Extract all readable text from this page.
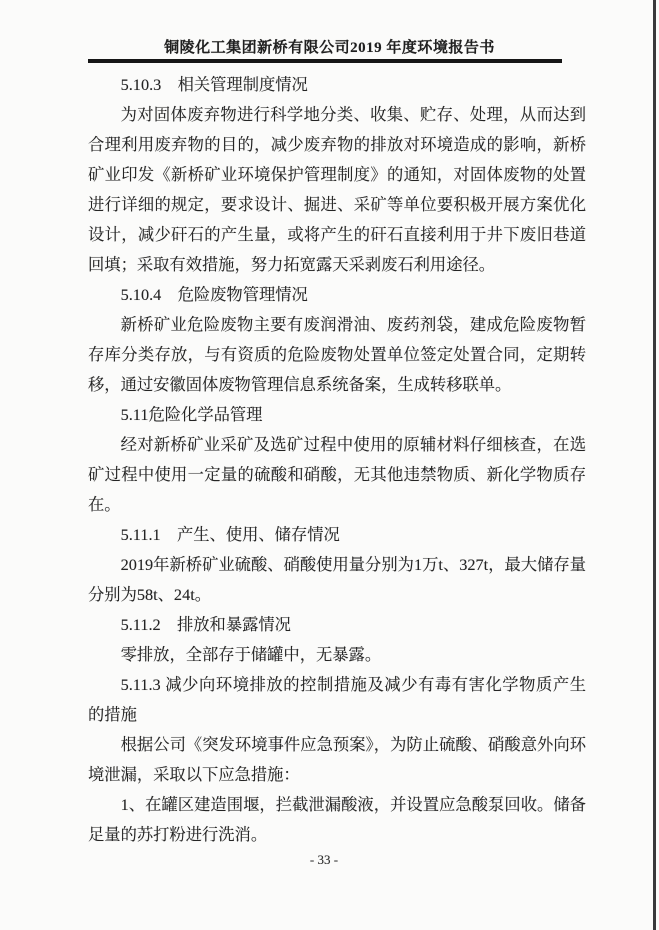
铜陵化工集团新桥有限公司2019 年度环境报告书
5.10.3　相关管理制度情况

为对固体废弃物进行科学地分类、收集、贮存、处理，从而达到合理利用废弃物的目的，减少废弃物的排放对环境造成的影响，新桥矿业印发《新桥矿业环境保护管理制度》的通知，对固体废物的处置进行详细的规定，要求设计、掘进、采矿等单位要积极开展方案优化设计，减少矸石的产生量，或将产生的矸石直接利用于井下废旧巷道回填；采取有效措施，努力拓宽露天采剥废石利用途径。

5.10.4　危险废物管理情况

新桥矿业危险废物主要有废润滑油、废药剂袋，建成危险废物暂存库分类存放，与有资质的危险废物处置单位签定处置合同，定期转移，通过安徽固体废物管理信息系统备案，生成转移联单。

5.11危险化学品管理

经对新桥矿业采矿及选矿过程中使用的原辅材料仔细核查，在选矿过程中使用一定量的硫酸和硝酸，无其他违禁物质、新化学物质存在。

5.11.1　产生、使用、储存情况

2019年新桥矿业硫酸、硝酸使用量分别为1万t、327t，最大储存量分别为58t、24t。

5.11.2　排放和暴露情况

零排放，全部存于储罐中，无暴露。

5.11.3 减少向环境排放的控制措施及减少有毒有害化学物质产生的措施

根据公司《突发环境事件应急预案》，为防止硫酸、硝酸意外向环境泄漏，采取以下应急措施：

1、在罐区建造围堰，拦截泄漏酸液，并设置应急酸泵回收。储备足量的苏打粉进行洗消。

- 33 -
